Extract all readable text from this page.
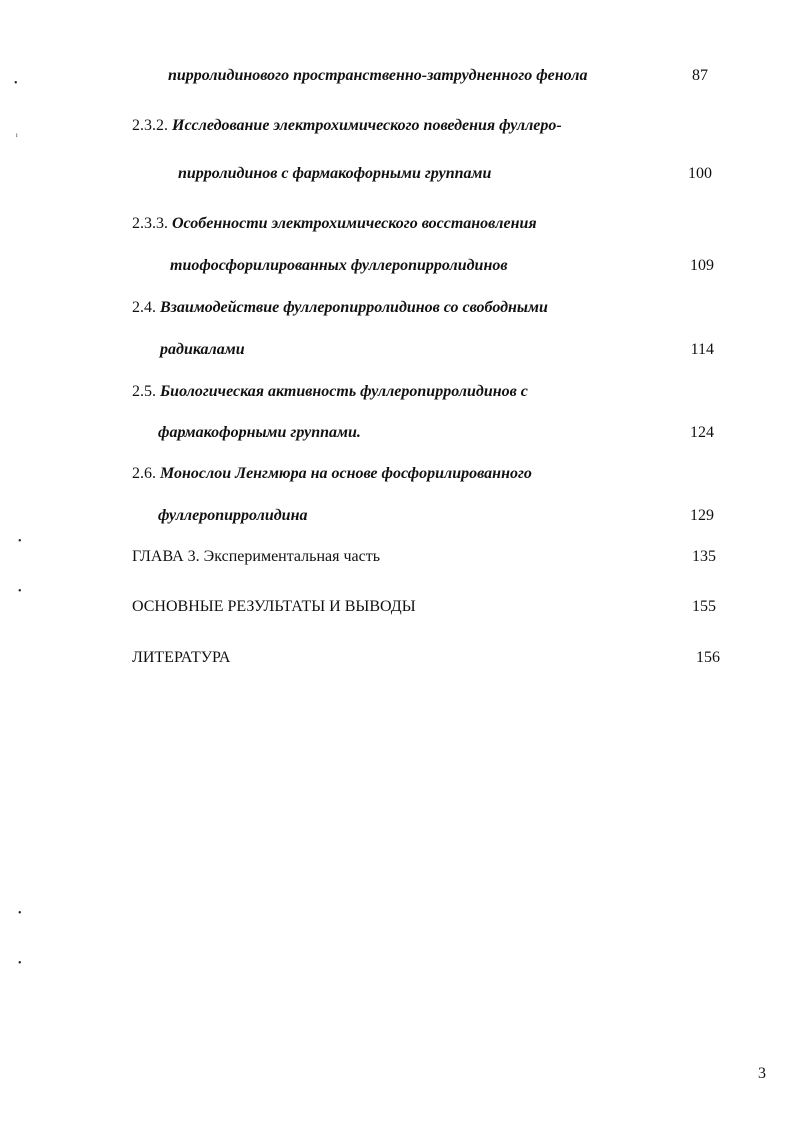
•
ᵢ
•
•
•
•
пирролидинового пространственно-затрудненного фенола	87
2.3.2. Исследование электрохимического поведения фуллеро-
пирролидинов с фармакофорными группами	100
2.3.3. Особенности электрохимического восстановления
тиофосфорилированных фуллеропирролидинов	109
2.4. Взаимодействие фуллеропирролидинов со свободными
радикалами	114
2.5. Биологическая активность фуллеропирролидинов с
фармакофорными группами.	124
2.6. Монослои Ленгмюра на основе фосфорилированного
фуллеропирролидина	129
ГЛАВА 3. Экспериментальная часть	135
ОСНОВНЫЕ РЕЗУЛЬТАТЫ И ВЫВОДЫ	155
ЛИТЕРАТУРА	156
3
